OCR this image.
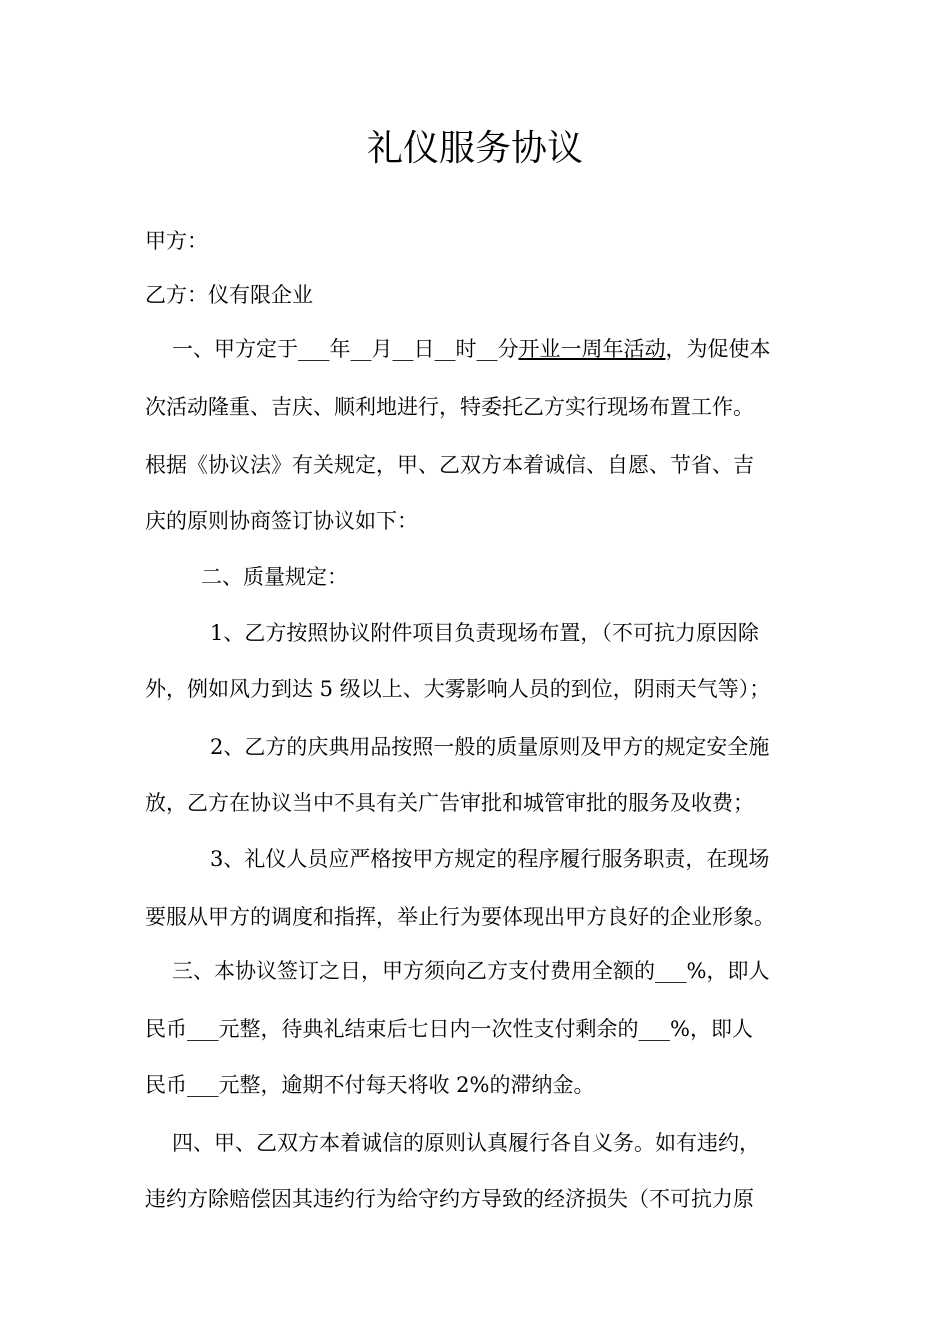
礼仪服务协议
甲方：
乙方：仪有限企业
一、甲方定于___年__月__日__时__分开业一周年活动，为促使本
次活动隆重、吉庆、顺利地进行，特委托乙方实行现场布置工作。
根据《协议法》有关规定，甲、乙双方本着诚信、自愿、节省、吉
庆的原则协商签订协议如下：
二、质量规定：
1、乙方按照协议附件项目负责现场布置，（不可抗力原因除
外，例如风力到达 5 级以上、大雾影响人员的到位，阴雨天气等）；
2、乙方的庆典用品按照一般的质量原则及甲方的规定安全施
放，乙方在协议当中不具有关广告审批和城管审批的服务及收费；
3、礼仪人员应严格按甲方规定的程序履行服务职责，在现场
要服从甲方的调度和指挥，举止行为要体现出甲方良好的企业形象。
三、本协议签订之日，甲方须向乙方支付费用全额的___%，即人
民币___元整，待典礼结束后七日内一次性支付剩余的___%，即人
民币___元整，逾期不付每天将收 2%的滞纳金。
四、甲、乙双方本着诚信的原则认真履行各自义务。如有违约，
违约方除赔偿因其违约行为给守约方导致的经济损失（不可抗力原
